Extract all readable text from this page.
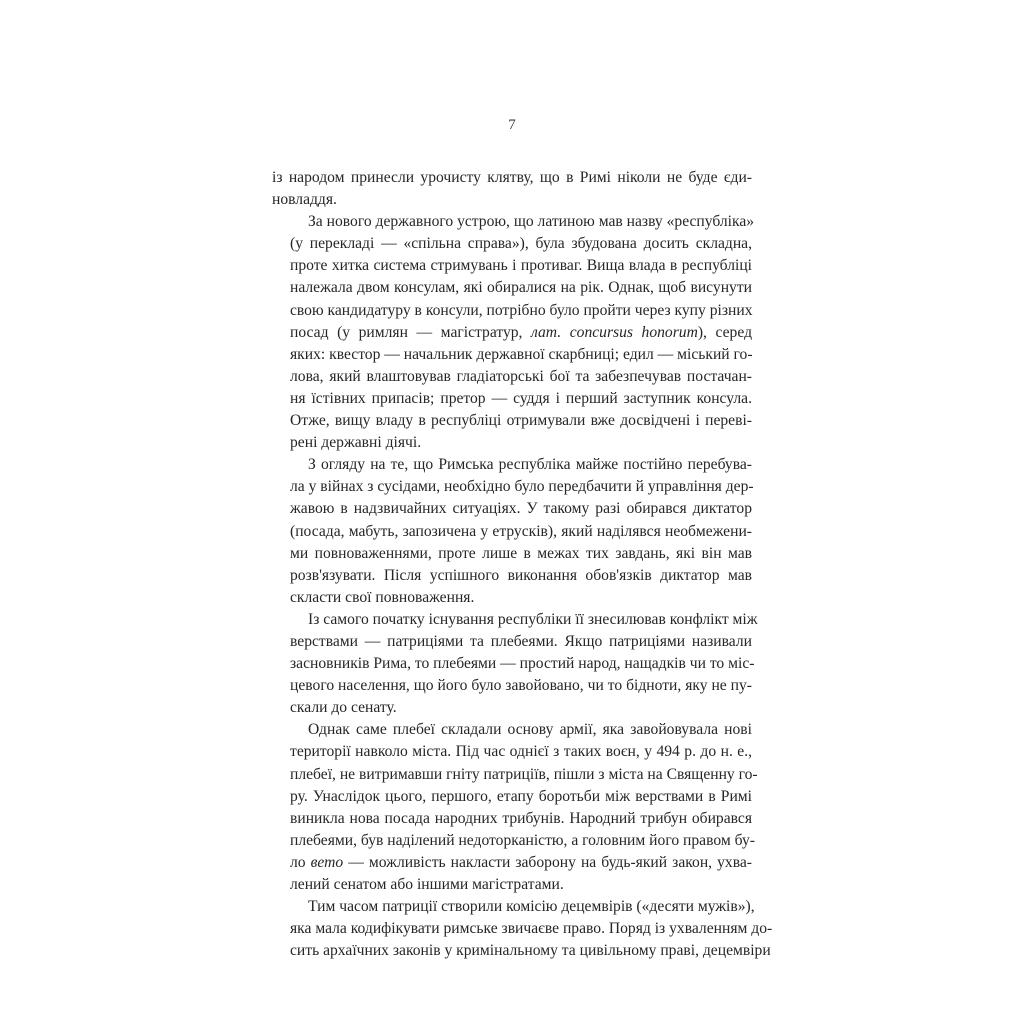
7
із народом принесли урочисту клятву, що в Римі ніколи не буде єди-
новладдя.
За нового державного устрою, що латиною мав назву «республіка»
(у перекладі — «спільна справа»), була збудована досить складна,
проте хитка система стримувань і противаг. Вища влада в республіці
належала двом консулам, які обиралися на рік. Однак, щоб висунути
свою кандидатуру в консули, потрібно було пройти через купу різних
посад (у римлян — магістратур, лат. concursus honorum), серед
яких: квестор — начальник державної скарбниці; едил — міський го-
лова, який влаштовував гладіаторські бої та забезпечував постачан-
ня їстівних припасів; претор — суддя і перший заступник консула.
Отже, вищу владу в республіці отримували вже досвідчені і переві-
рені державні діячі.
З огляду на те, що Римська республіка майже постійно перебува-
ла у війнах з сусідами, необхідно було передбачити й управління дер-
жавою в надзвичайних ситуаціях. У такому разі обирався диктатор
(посада, мабуть, запозичена у етрусків), який наділявся необмежени-
ми повноваженнями, проте лише в межах тих завдань, які він мав
розв'язувати. Після успішного виконання обов'язків диктатор мав
скласти свої повноваження.
Із самого початку існування республіки її знесилював конфлікт між
верствами — патриціями та плебеями. Якщо патриціями називали
засновників Рима, то плебеями — простий народ, нащадків чи то міс-
цевого населення, що його було завойовано, чи то бідноти, яку не пу-
скали до сенату.
Однак саме плебеї складали основу армії, яка завойовувала нові
території навколо міста. Під час однієї з таких воєн, у 494 р. до н. е.,
плебеї, не витримавши гніту патриціїв, пішли з міста на Священну го-
ру. Унаслідок цього, першого, етапу боротьби між верствами в Римі
виникла нова посада народних трибунів. Народний трибун обирався
плебеями, був наділений недоторканістю, а головним його правом бу-
ло вето — можливість накласти заборону на будь-який закон, ухва-
лений сенатом або іншими магістратами.
Тим часом патриції створили комісію децемвірів («десяти мужів»),
яка мала кодифікувати римське звичаєве право. Поряд із ухваленням до-
сить архаїчних законів у кримінальному та цивільному праві, децемвіри
